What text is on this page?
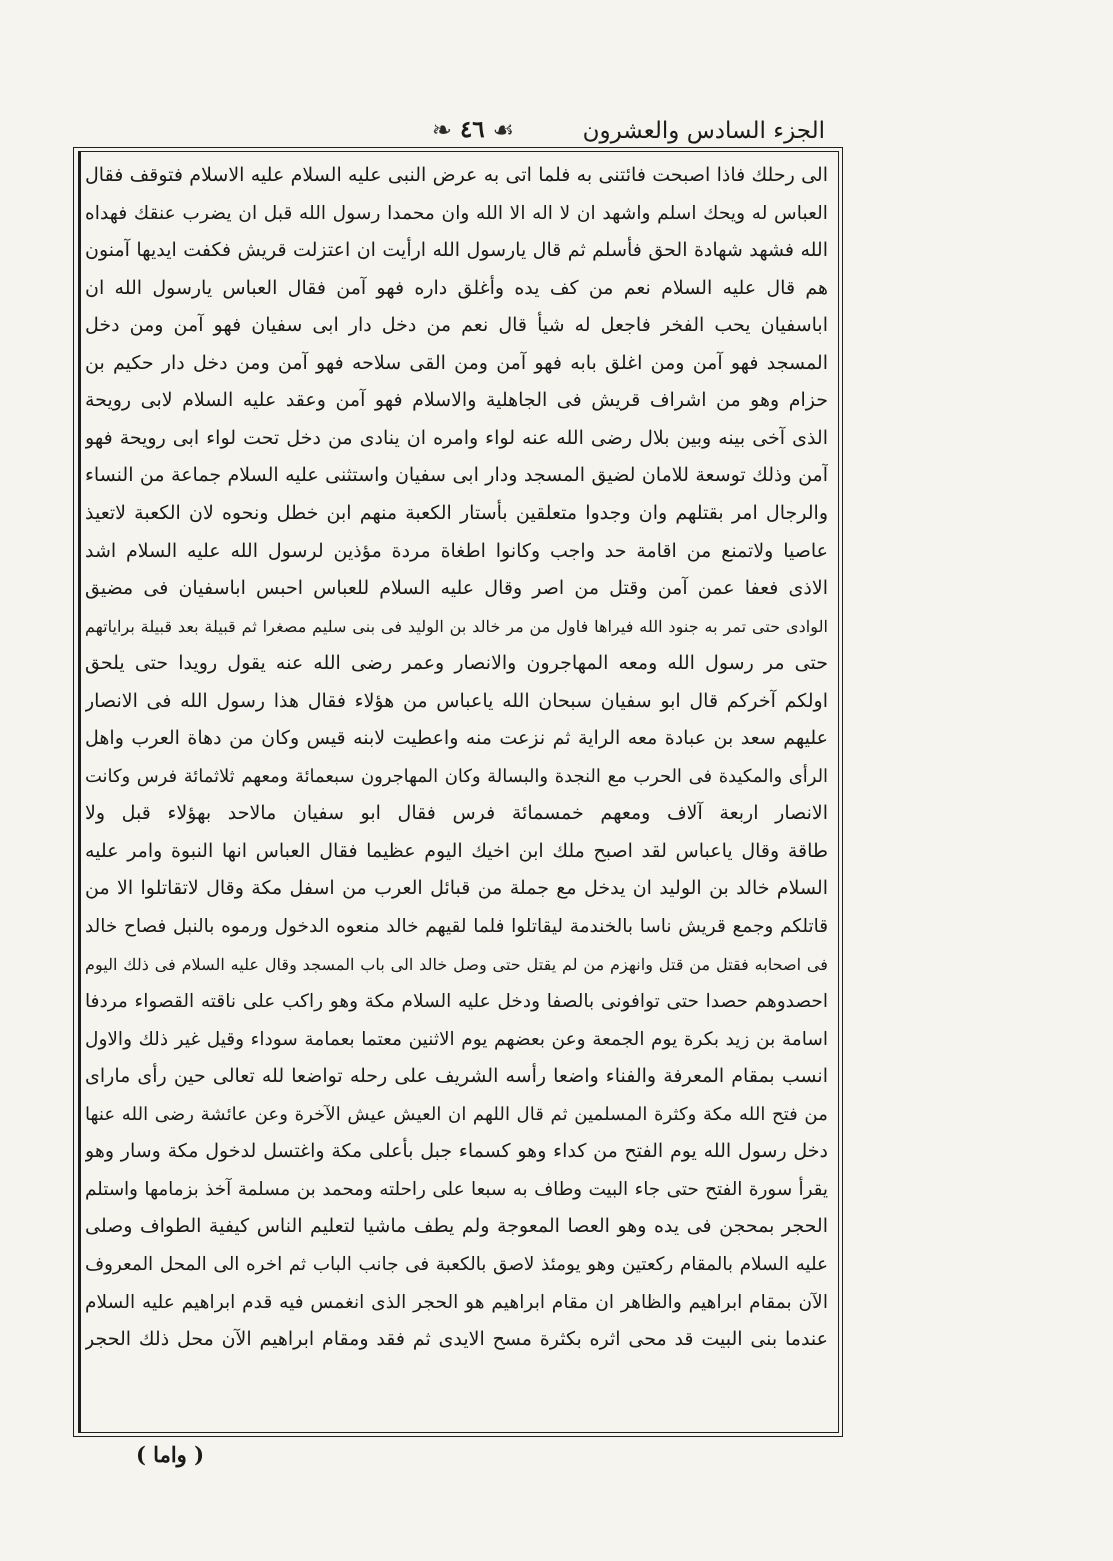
الجزء السادس والعشرون
❧ ٤٦ ☙
الى رحلك فاذا اصبحت فائتنى به فلما اتى به عرض النبى عليه السلام عليه الاسلام فتوقف فقال
العباس له ويحك اسلم واشهد ان لا اله الا الله وان محمدا رسول الله قبل ان يضرب عنقك فهداه
الله فشهد شهادة الحق فأسلم ثم قال يارسول الله ارأيت ان اعتزلت قريش فكفت ايديها آمنون
هم قال عليه السلام نعم من كف يده وأغلق داره فهو آمن فقال العباس يارسول الله ان
اباسفيان يحب الفخر فاجعل له شيأ قال نعم من دخل دار ابى سفيان فهو آمن ومن دخل
المسجد فهو آمن ومن اغلق بابه فهو آمن ومن القى سلاحه فهو آمن ومن دخل دار حكيم بن
حزام وهو من اشراف قريش فى الجاهلية والاسلام فهو آمن وعقد عليه السلام لابى رويحة
الذى آخى بينه وبين بلال رضى الله عنه لواء وامره ان ينادى من دخل تحت لواء ابى رويحة فهو
آمن وذلك توسعة للامان لضيق المسجد ودار ابى سفيان واستثنى عليه السلام جماعة من النساء
والرجال امر بقتلهم وان وجدوا متعلقين بأستار الكعبة منهم ابن خطل ونحوه لان الكعبة لاتعيذ
عاصيا ولاتمنع من اقامة حد واجب وكانوا اطغاة مردة مؤذين لرسول الله عليه السلام اشد
الاذى فعفا عمن آمن وقتل من اصر وقال عليه السلام للعباس احبس اباسفيان فى مضيق
الوادى حتى تمر به جنود الله فيراها فاول من مر خالد بن الوليد فى بنى سليم مصغرا ثم قبيلة بعد قبيلة براياتهم
حتى مر رسول الله ومعه المهاجرون والانصار وعمر رضى الله عنه يقول رويدا حتى يلحق
اولكم آخركم قال ابو سفيان سبحان الله ياعباس من هؤلاء فقال هذا رسول الله فى الانصار
عليهم سعد بن عبادة معه الراية ثم نزعت منه واعطيت لابنه قيس وكان من دهاة العرب واهل
الرأى والمكيدة فى الحرب مع النجدة والبسالة وكان المهاجرون سبعمائة ومعهم ثلاثمائة فرس وكانت
الانصار اربعة آلاف ومعهم خمسمائة فرس فقال ابو سفيان مالاحد بهؤلاء قبل ولا
طاقة وقال ياعباس لقد اصبح ملك ابن اخيك اليوم عظيما فقال العباس انها النبوة وامر عليه
السلام خالد بن الوليد ان يدخل مع جملة من قبائل العرب من اسفل مكة وقال لاتقاتلوا الا من
قاتلكم وجمع قريش ناسا بالخندمة ليقاتلوا فلما لقيهم خالد منعوه الدخول ورموه بالنبل فصاح خالد
فى اصحابه فقتل من قتل وانهزم من لم يقتل حتى وصل خالد الى باب المسجد وقال عليه السلام فى ذلك اليوم
احصدوهم حصدا حتى توافونى بالصفا ودخل عليه السلام مكة وهو راكب على ناقته القصواء مردفا
اسامة بن زيد بكرة يوم الجمعة وعن بعضهم يوم الاثنين معتما بعمامة سوداء وقيل غير ذلك والاول
انسب بمقام المعرفة والفناء واضعا رأسه الشريف على رحله تواضعا لله تعالى حين رأى ماراى
من فتح الله مكة وكثرة المسلمين ثم قال اللهم ان العيش عيش الآخرة وعن عائشة رضى الله عنها
دخل رسول الله يوم الفتح من كداء وهو كسماء جبل بأعلى مكة واغتسل لدخول مكة وسار وهو
يقرأ سورة الفتح حتى جاء البيت وطاف به سبعا على راحلته ومحمد بن مسلمة آخذ بزمامها واستلم
الحجر بمحجن فى يده وهو العصا المعوجة ولم يطف ماشيا لتعليم الناس كيفية الطواف وصلى
عليه السلام بالمقام ركعتين وهو يومئذ لاصق بالكعبة فى جانب الباب ثم اخره الى المحل المعروف
الآن بمقام ابراهيم والظاهر ان مقام ابراهيم هو الحجر الذى انغمس فيه قدم ابراهيم عليه السلام
عندما بنى البيت قد محى اثره بكثرة مسح الايدى ثم فقد ومقام ابراهيم الآن محل ذلك الحجر
( واما )
